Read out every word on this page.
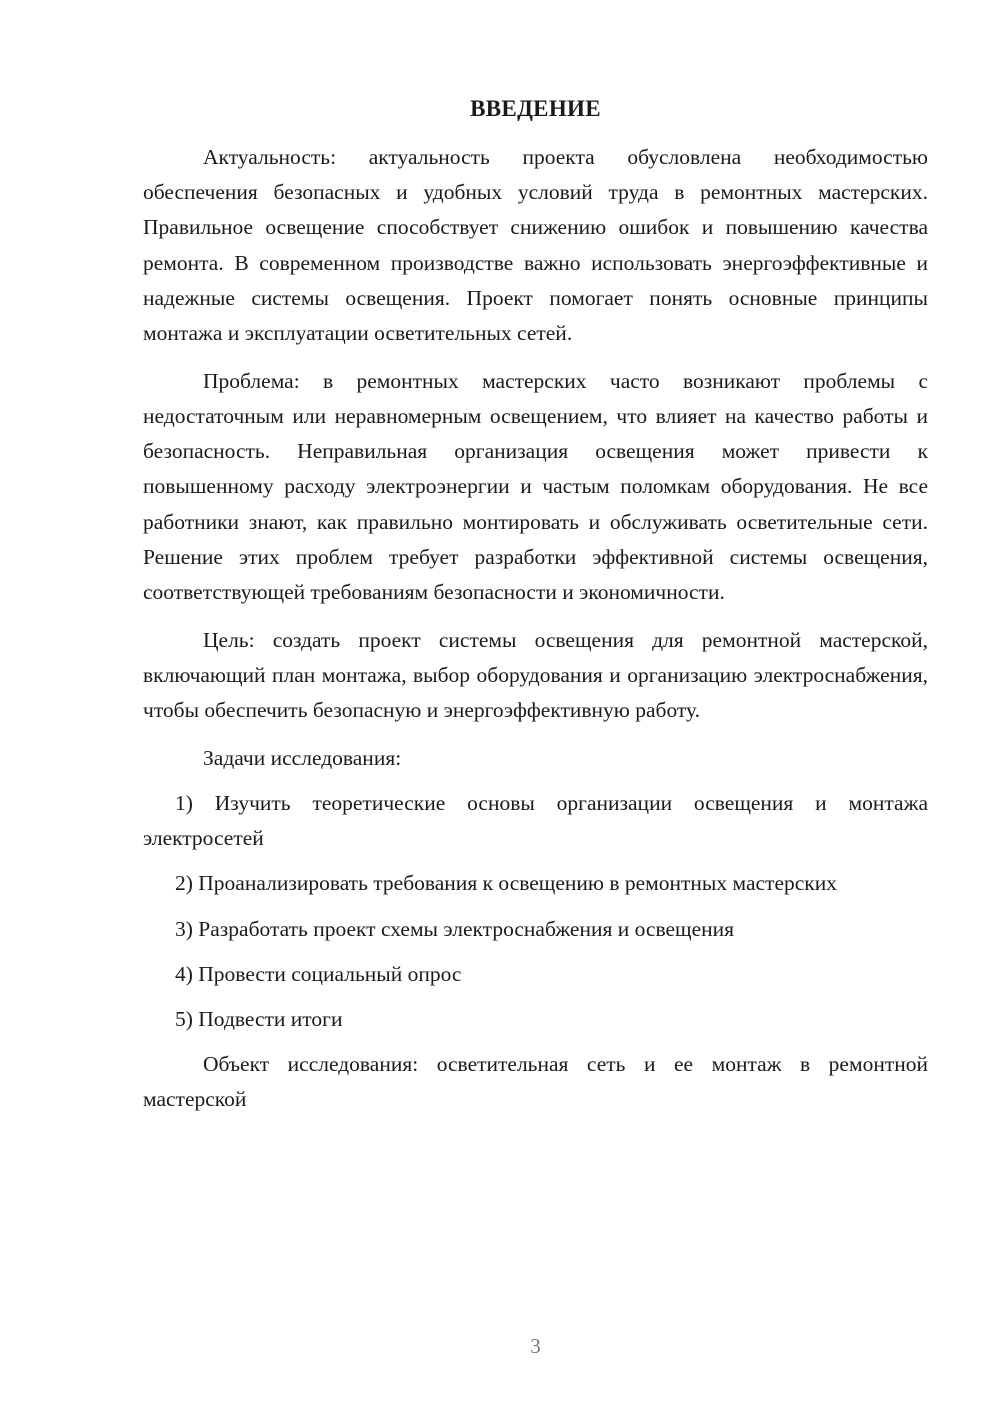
ВВЕДЕНИЕ

Актуальность: актуальность проекта обусловлена необходимостью обеспечения безопасных и удобных условий труда в ремонтных мастерских. Правильное освещение способствует снижению ошибок и повышению качества ремонта. В современном производстве важно использовать энергоэффективные и надежные системы освещения. Проект помогает понять основные принципы монтажа и эксплуатации осветительных сетей.

Проблема: в ремонтных мастерских часто возникают проблемы с недостаточным или неравномерным освещением, что влияет на качество работы и безопасность. Неправильная организация освещения может привести к повышенному расходу электроэнергии и частым поломкам оборудования. Не все работники знают, как правильно монтировать и обслуживать осветительные сети. Решение этих проблем требует разработки эффективной системы освещения, соответствующей требованиям безопасности и экономичности.

Цель: создать проект системы освещения для ремонтной мастерской, включающий план монтажа, выбор оборудования и организацию электроснабжения, чтобы обеспечить безопасную и энергоэффективную работу.

Задачи исследования:

1) Изучить теоретические основы организации освещения и монтажа электросетей

2) Проанализировать требования к освещению в ремонтных мастерских

3) Разработать проект схемы электроснабжения и освещения

4) Провести социальный опрос

5) Подвести итоги

Объект исследования: осветительная сеть и ее монтаж в ремонтной мастерской

3
